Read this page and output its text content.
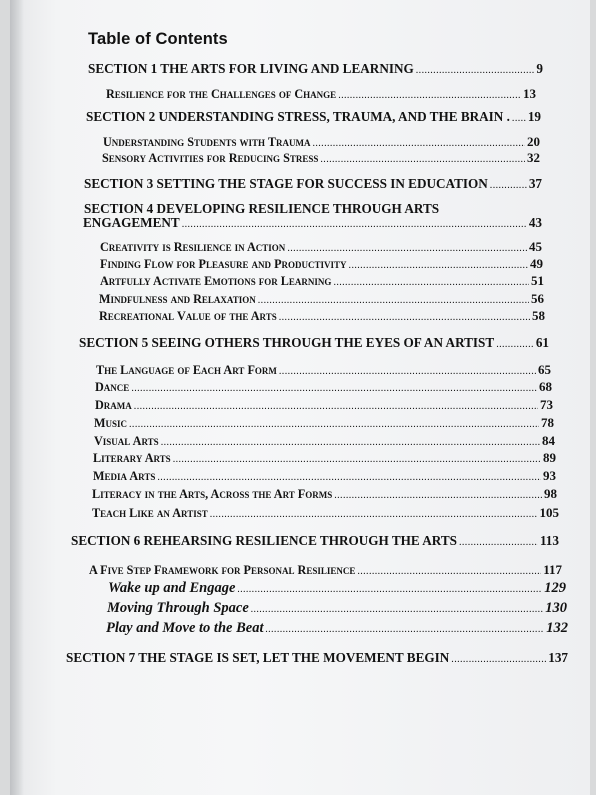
Table of Contents
SECTION 1 THE ARTS FOR LIVING AND LEARNING .....	9
Resilience for the Challenges of Change .....	13
SECTION 2 UNDERSTANDING STRESS, TRAUMA, AND THE BRAIN . ..... 19
Understanding Students with Trauma .....	20
Sensory Activities for Reducing Stress .....	32
SECTION 3 SETTING THE STAGE FOR SUCCESS IN EDUCATION .....	37
SECTION 4 DEVELOPING RESILIENCE THROUGH ARTS
ENGAGEMENT .....	43
Creativity is Resilience in Action .....	45
Finding Flow for Pleasure and Productivity .....	49
Artfully Activate Emotions for Learning .....	51
Mindfulness and Relaxation .....	56
Recreational Value of the Arts .....	58
SECTION 5 SEEING OTHERS THROUGH THE EYES OF AN ARTIST .....	61
The Language of Each Art Form .....	65
Dance .....	68
Drama .....	73
Music .....	78
Visual Arts .....	84
Literary Arts .....	89
Media Arts .....	93
Literacy in the Arts, Across the Art Forms .....	98
Teach Like an Artist .....	105
SECTION 6 REHEARSING RESILIENCE THROUGH THE ARTS .....	113
A Five Step Framework for Personal Resilience .....	117
Wake up and Engage .....	129
Moving Through Space .....	130
Play and Move to the Beat .....	132
SECTION 7 THE STAGE IS SET, LET THE MOVEMENT BEGIN .....	137
